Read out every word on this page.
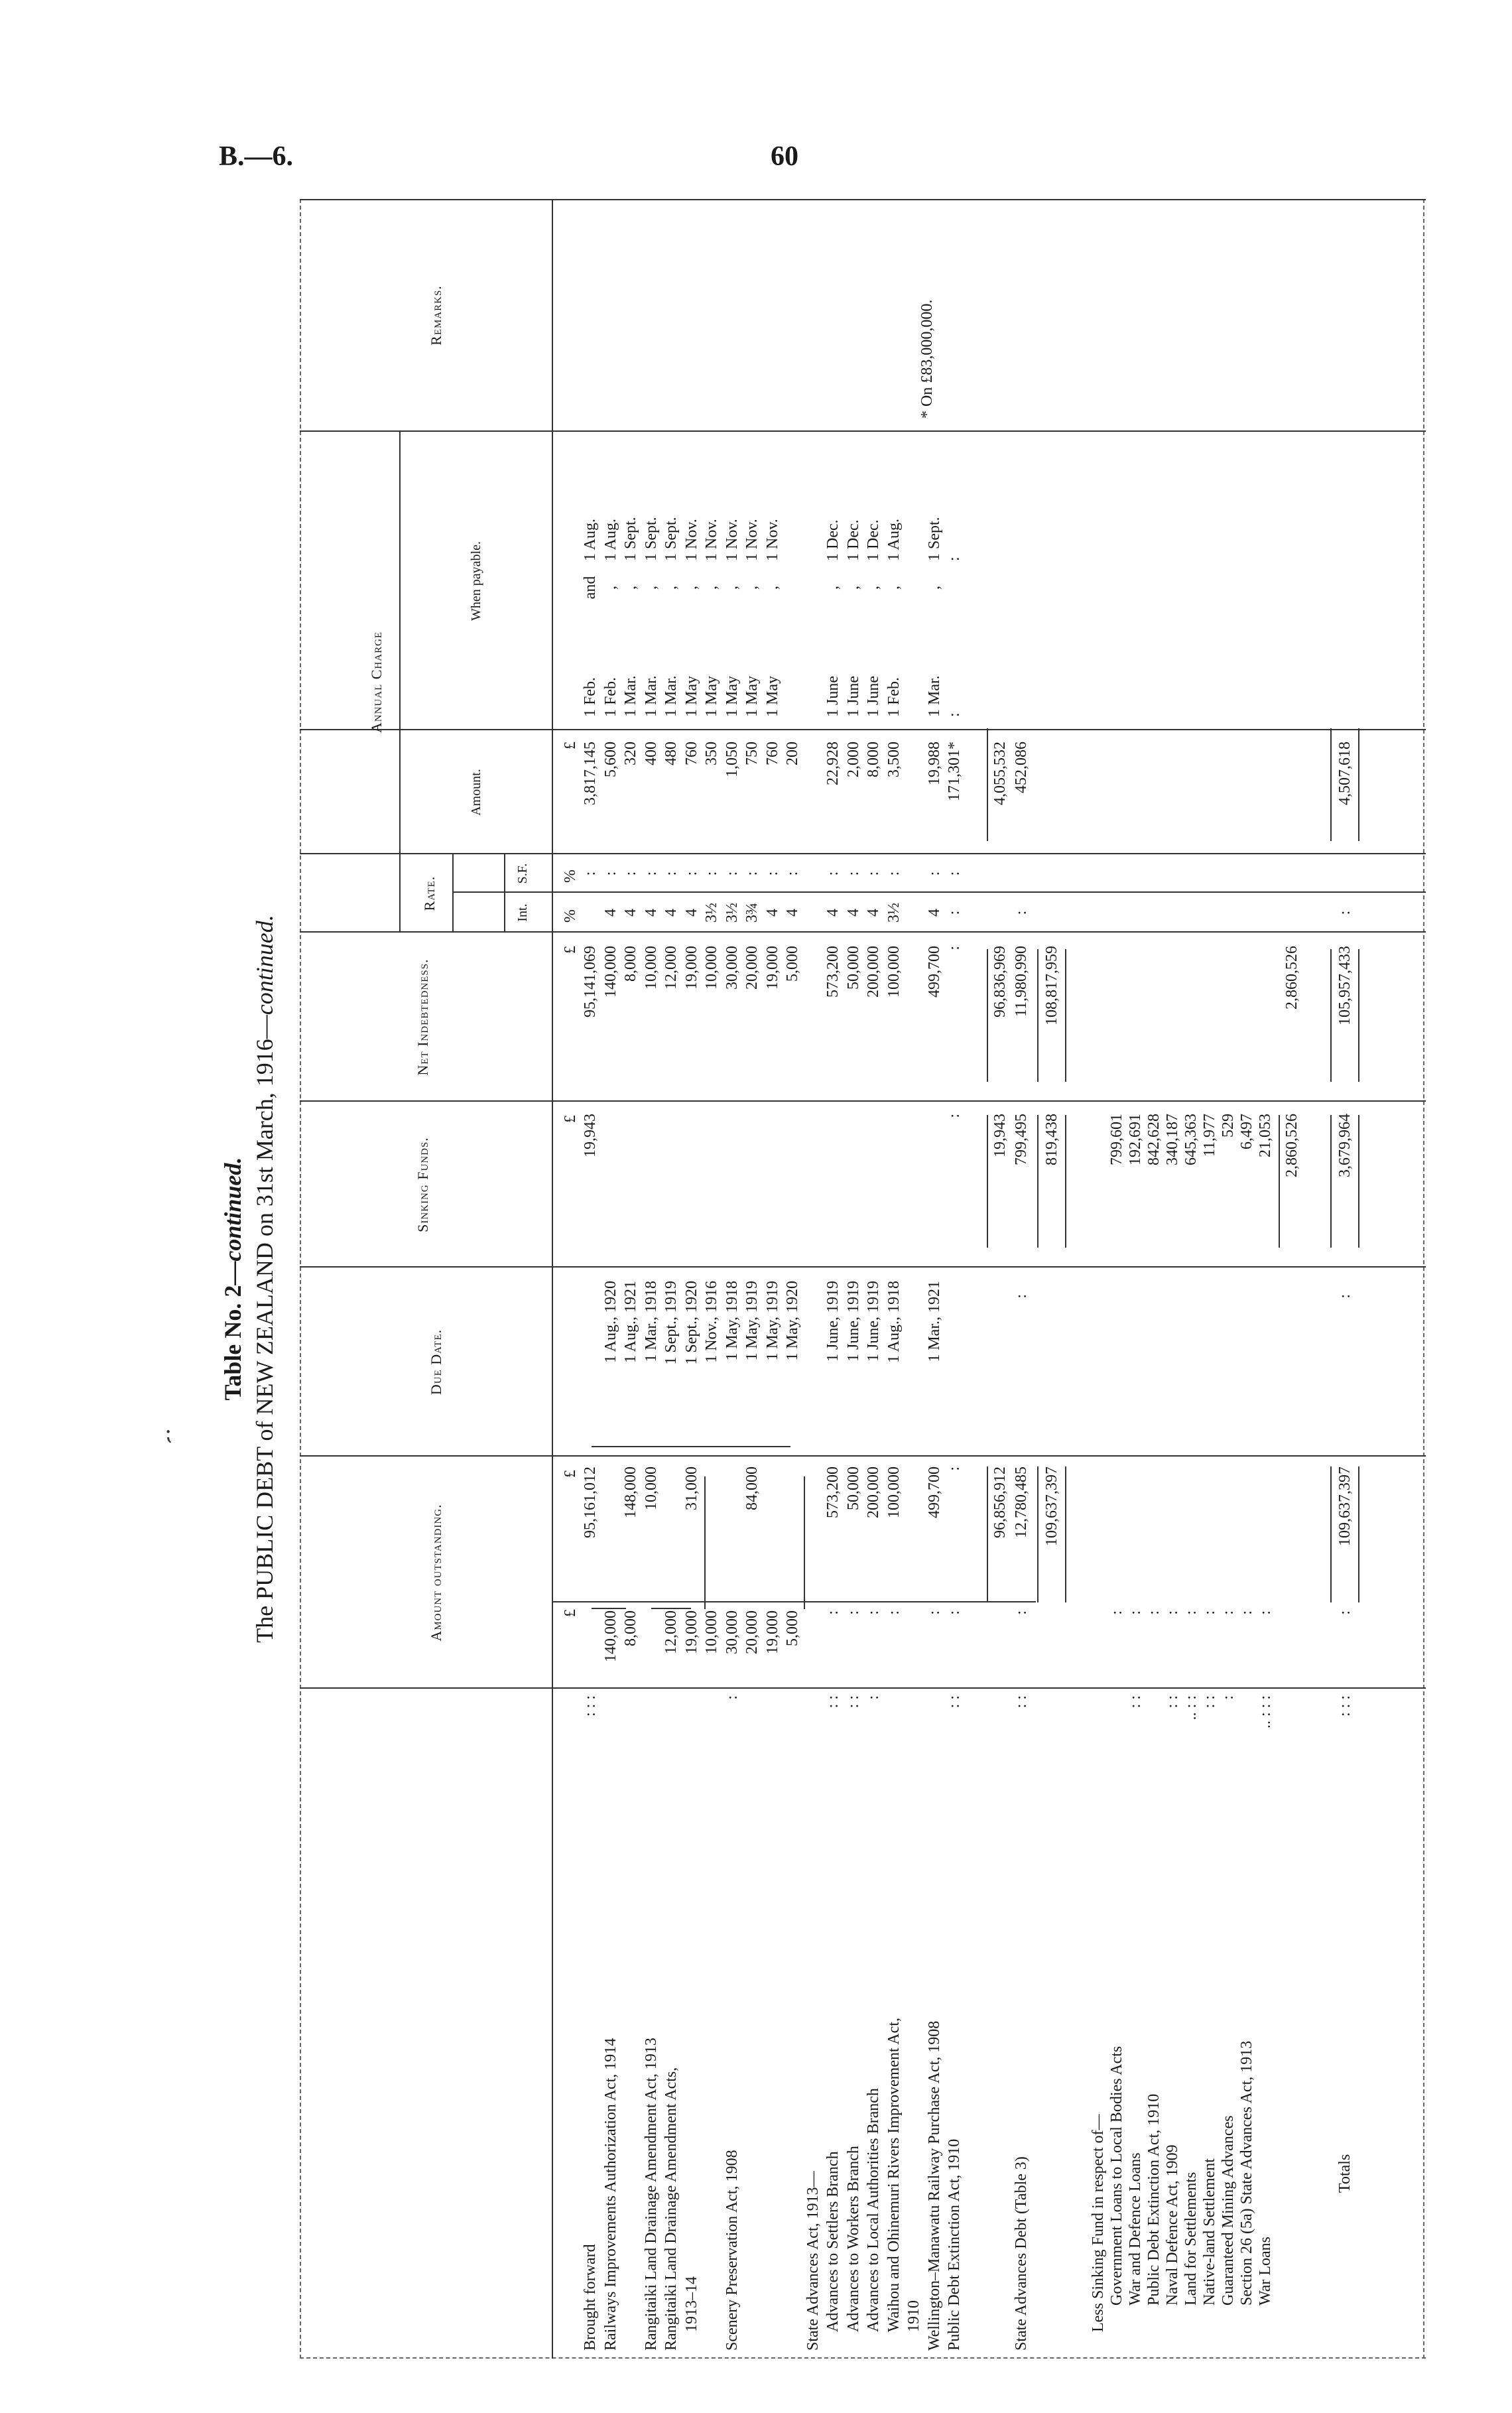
B.—6.	60
⁏
Table No. 2—continued. The PUBLIC DEBT of NEW ZEALAND on 31st March, 1916—continued.
Amount outstanding.
Due Date.
Sinking Funds.
Net Indebtedness.
Annual Charge
Rate.
Int.
S.F.
Amount.
When payable.
Remarks.
£
£
£
£
%
%
£
Brought forward
: : :
95,161,012
19,943
95,141,069
:
3,817,145
1 Feb.
and
1 Aug.
Railways Improvements Authorization Act, 1914
140,000
1 Aug., 1920
140,000
4
:
5,600
1 Feb.
,
1 Aug.
8,000
148,000
1 Aug., 1921
8,000
4
:
320
1 Mar.
,
1 Sept.
Rangitaiki Land Drainage Amendment Act, 1913
10,000
1 Mar., 1918
10,000
4
:
400
1 Mar.
,
1 Sept.
Rangitaiki Land Drainage Amendment Acts,
12,000
1 Sept., 1919
12,000
4
:
480
1 Mar.
,
1 Sept.
1913–14
19,000
31,000
1 Sept., 1920
19,000
4
:
760
1 May
,
1 Nov.
10,000
1 Nov., 1916
10,000
3½
:
350
1 May
,
1 Nov.
Scenery Preservation Act, 1908
:
30,000
1 May, 1918
30,000
3½
:
1,050
1 May
,
1 Nov.
20,000
84,000
1 May, 1919
20,000
3¾
:
750
1 May
,
1 Nov.
19,000
1 May, 1919
19,000
4
:
760
1 May
,
1 Nov.
5,000
1 May, 1920
5,000
4
:
200
State Advances Act, 1913— Advances to Settlers Branch
: :
:
573,200
1 June, 1919
573,200
4
:
22,928
1 June
,
1 Dec.
Advances to Workers Branch
: :
:
50,000
1 June, 1919
50,000
4
:
2,000
1 June
,
1 Dec.
Advances to Local Authorities Branch
:
:
200,000
1 June, 1919
200,000
4
:
8,000
1 June
,
1 Dec.
Waihou and Ohinemuri Rivers Improvement Act,
:
100,000
1 Aug., 1918
100,000
3½
:
3,500
1 Feb.
,
1 Aug.
1910 Wellington–Manawatu Railway Purchase Act, 1908
:
499,700
1 Mar., 1921
499,700
4
:
19,988
1 Mar.
,
1 Sept.
Public Debt Extinction Act, 1910
: :
:
:
:
:
:
:
171,301*
:
:
96,856,912
19,943
96,836,969
4,055,532
State Advances Debt (Table 3)
: :
:
12,780,485
:
799,495
11,980,990
:
452,086
109,637,397
819,438
108,817,959
Less Sinking Fund in respect of— Government Loans to Local Bodies Acts
:
799,601
War and Defence Loans
: :
:
192,691
Public Debt Extinction Act, 1910
:
842,628
Naval Defence Act, 1909
: :
:
340,187
Land for Settlements
.. : :
:
645,363
Native-land Settlement
: :
:
11,977
Guaranteed Mining Advances
:
:
529
Section 26 (5a) State Advances Act, 1913
:
6,497
War Loans
.. : : :
:
21,053 2,860,526
2,860,526
Totals
: : :
:
109,637,397
:
3,679,964
105,957,433
:
4,507,618
* On £83,000,000.
